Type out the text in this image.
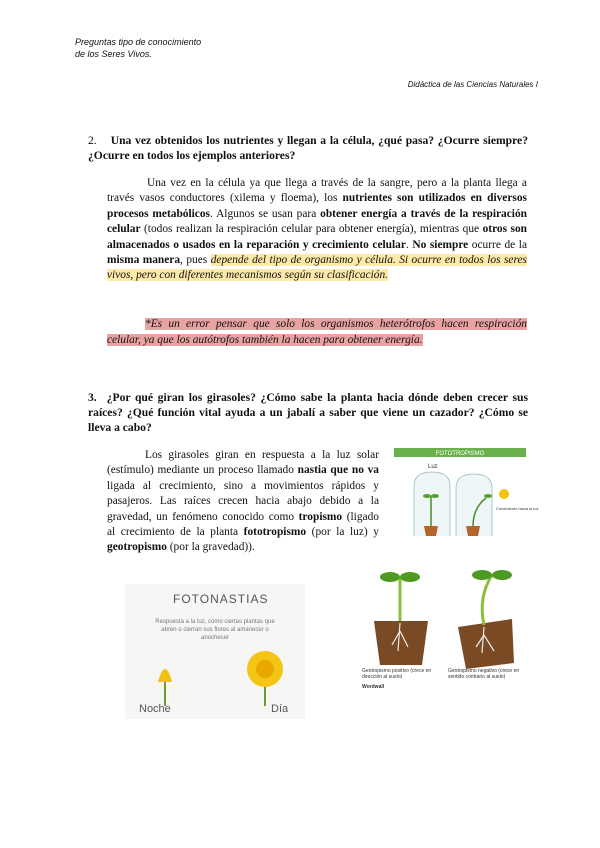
Preguntas tipo de conocimiento
de los Seres Vivos.
Didáctica de las Ciencias Naturales I
2. Una vez obtenidos los nutrientes y llegan a la célula, ¿qué pasa? ¿Ocurre siempre? ¿Ocurre en todos los ejemplos anteriores?
Una vez en la célula ya que llega a través de la sangre, pero a la planta llega a través vasos conductores (xilema y floema), los nutrientes son utilizados en diversos procesos metabólicos. Algunos se usan para obtener energía a través de la respiración celular (todos realizan la respiración celular para obtener energía), mientras que otros son almacenados o usados en la reparación y crecimiento celular. No siempre ocurre de la misma manera, pues depende del tipo de organismo y célula. Si ocurre en todos los seres vivos, pero con diferentes mecanismos según su clasificación.
*Es un error pensar que solo los organismos heterótrofos hacen respiración celular, ya que los autótrofos también la hacen para obtener energía.
3. ¿Por qué giran los girasoles? ¿Cómo sabe la planta hacia dónde deben crecer sus raíces? ¿Qué función vital ayuda a un jabalí a saber que viene un cazador? ¿Cómo se lleva a cabo?
Los girasoles giran en respuesta a la luz solar (estímulo) mediante un proceso llamado nastia que no va ligada al crecimiento, sino a movimientos rápidos y pasajeros. Las raíces crecen hacia abajo debido a la gravedad, un fenómeno conocido como tropismo (ligado al crecimiento de la planta fototropismo (por la luz) y geotropismo (por la gravedad)).
FOTOTROPISMO
Luz
Crecimiento hacia la luz
FOTONASTIAS
Respuesta a la luz, como ciertas plantas que abren o cierran sus flores al amanecer o anochecer
Noche	Día
Geotropismo positivo (crece en dirección al suelo)
Geotropismo negativo (crece en sentido contrario al suelo)
Wordwall
